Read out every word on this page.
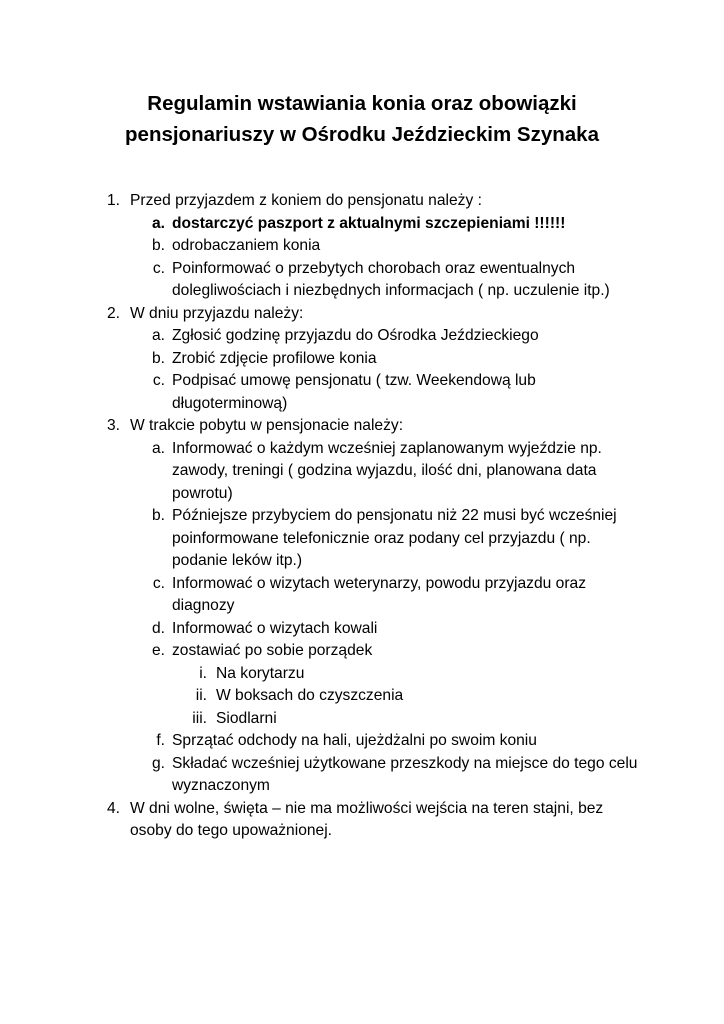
Regulamin wstawiania konia oraz obowiązki
pensjonariuszy w Ośrodku Jeździeckim Szynaka
1. Przed przyjazdem z koniem do pensjonatu należy :
a. dostarczyć paszport z aktualnymi szczepieniami !!!!!!
b. odrobaczaniem konia
c. Poinformować o przebytych chorobach oraz ewentualnych
dolegliwościach i niezbędnych informacjach ( np. uczulenie itp.)
2. W dniu przyjazdu należy:
a. Zgłosić godzinę przyjazdu do Ośrodka Jeździeckiego
b. Zrobić zdjęcie profilowe konia
c. Podpisać umowę pensjonatu ( tzw. Weekendową lub
długoterminową)
3. W trakcie pobytu w pensjonacie należy:
a. Informować o każdym wcześniej zaplanowanym wyjeździe np.
zawody, treningi ( godzina wyjazdu, ilość dni, planowana data
powrotu)
b. Późniejsze przybyciem do pensjonatu niż 22 musi być wcześniej
poinformowane telefonicznie oraz podany cel przyjazdu ( np.
podanie leków itp.)
c. Informować o wizytach weterynarzy, powodu przyjazdu oraz
diagnozy
d. Informować o wizytach kowali
e. zostawiać po sobie porządek
i. Na korytarzu
ii. W boksach do czyszczenia
iii. Siodlarni
f. Sprzątać odchody na hali, ujeżdżalni po swoim koniu
g. Składać wcześniej użytkowane przeszkody na miejsce do tego celu
wyznaczonym
4. W dni wolne, święta – nie ma możliwości wejścia na teren stajni, bez
osoby do tego upoważnionej.
